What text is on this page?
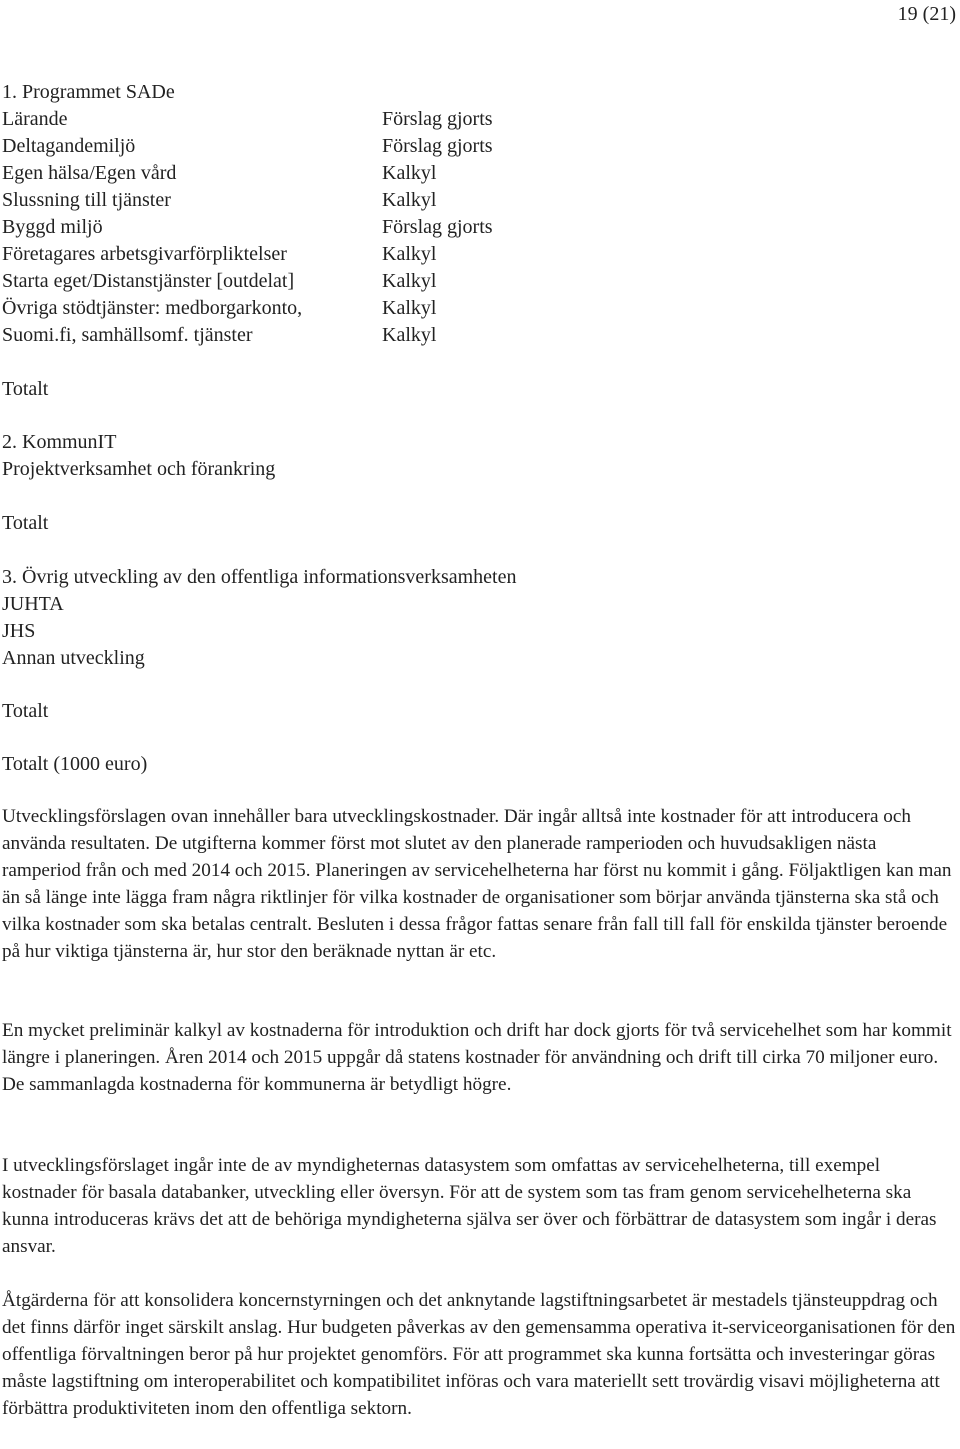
19 (21)
1. Programmet SADe
Lärande	Förslag gjorts
Deltagandemiljö	Förslag gjorts
Egen hälsa/Egen vård	Kalkyl
Slussning till tjänster	Kalkyl
Byggd miljö	Förslag gjorts
Företagares arbetsgivarförpliktelser	Kalkyl
Starta eget/Distanstjänster [outdelat]	Kalkyl
Övriga stödtjänster: medborgarkonto,	Kalkyl
Suomi.fi, samhällsomf. tjänster	Kalkyl
Totalt
2. KommunIT
Projektverksamhet och förankring
Totalt
3. Övrig utveckling av den offentliga informationsverksamheten
JUHTA
JHS
Annan utveckling
Totalt
Totalt (1000 euro)
Utvecklingsförslagen ovan innehåller bara utvecklingskostnader. Där ingår alltså inte kostnader för att introducera och använda resultaten. De utgifterna kommer först mot slutet av den planerade ramperioden och huvudsakligen nästa ramperiod från och med 2014 och 2015. Planeringen av servicehelheterna har först nu kommit i gång. Följaktligen kan man än så länge inte lägga fram några riktlinjer för vilka kostnader de organisationer som börjar använda tjänsterna ska stå och vilka kostnader som ska betalas centralt. Besluten i dessa frågor fattas senare från fall till fall för enskilda tjänster beroende på hur viktiga tjänsterna är, hur stor den beräknade nyttan är etc.
En mycket preliminär kalkyl av kostnaderna för introduktion och drift har dock gjorts för två servicehelhet som har kommit längre i planeringen. Åren 2014 och 2015 uppgår då statens kostnader för användning och drift till cirka 70 miljoner euro. De sammanlagda kostnaderna för kommunerna är betydligt högre.
I utvecklingsförslaget ingår inte de av myndigheternas datasystem som omfattas av servicehelheterna, till exempel kostnader för basala databanker, utveckling eller översyn. För att de system som tas fram genom servicehelheterna ska kunna introduceras krävs det att de behöriga myndigheterna själva ser över och förbättrar de datasystem som ingår i deras ansvar.
Åtgärderna för att konsolidera koncernstyrningen och det anknytande lagstiftningsarbetet är mestadels tjänsteuppdrag och det finns därför inget särskilt anslag. Hur budgeten påverkas av den gemensamma operativa it-serviceorganisationen för den offentliga förvaltningen beror på hur projektet genomförs. För att programmet ska kunna fortsätta och investeringar göras måste lagstiftning om interoperabilitet och kompatibilitet införas och vara materiellt sett trovärdig visavi möjligheterna att förbättra produktiviteten inom den offentliga sektorn.
